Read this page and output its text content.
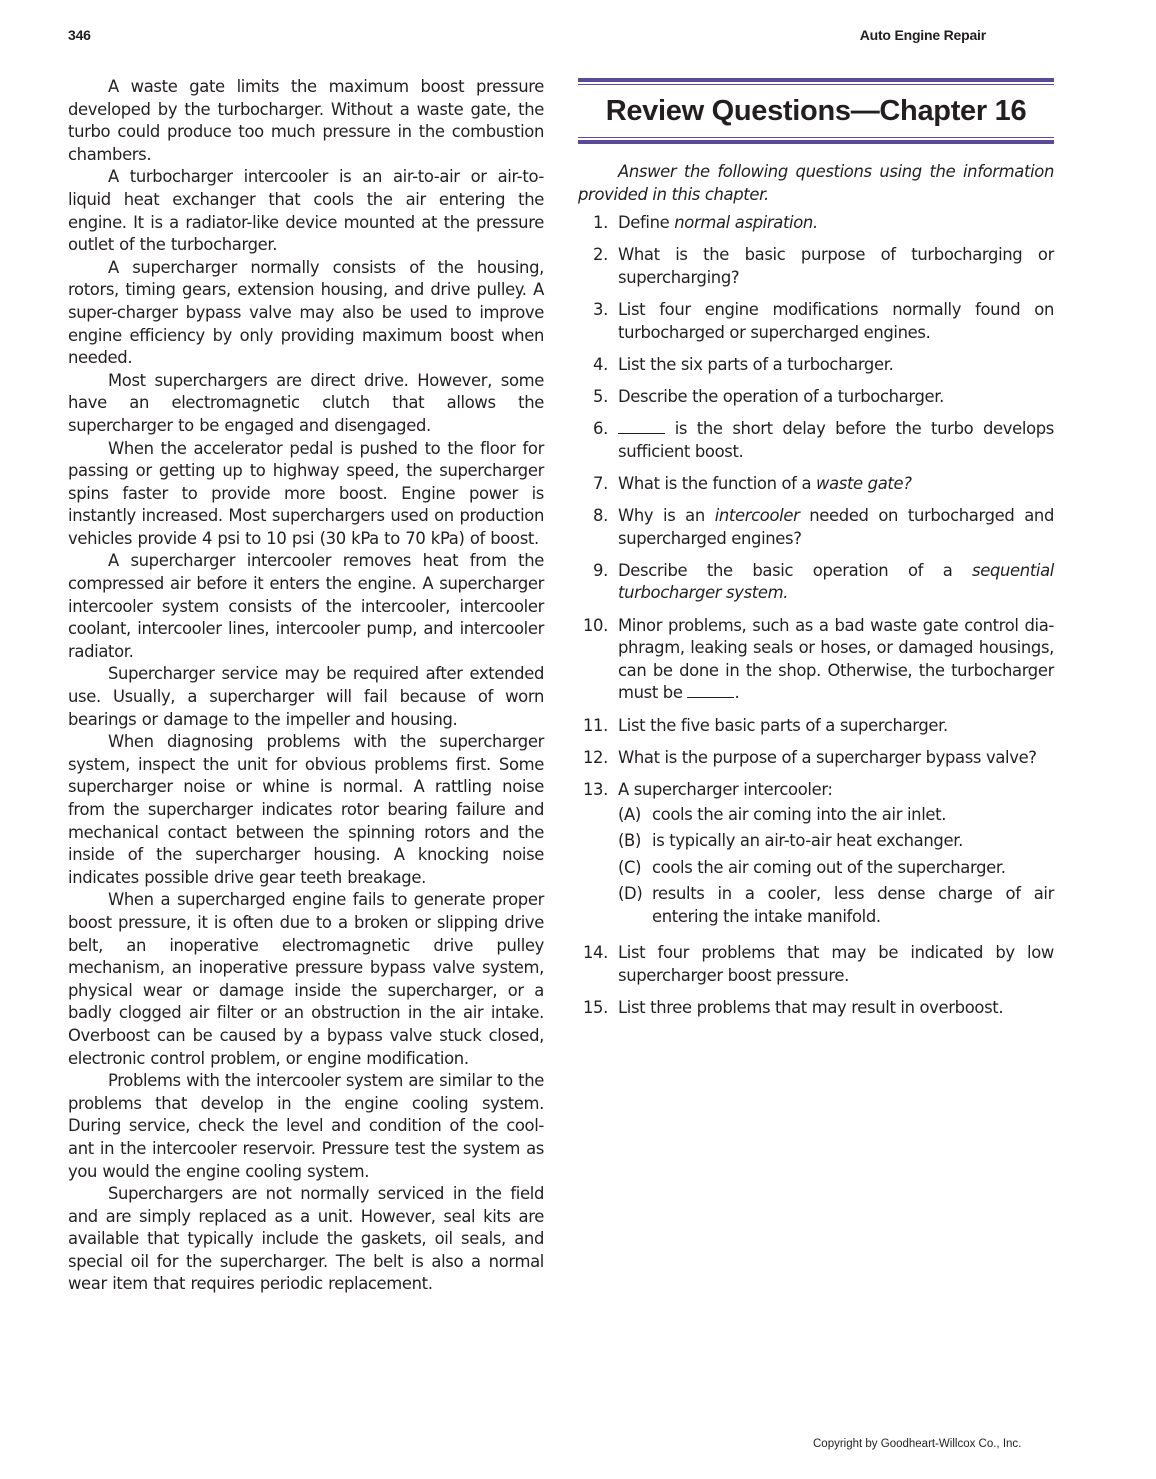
346	Auto Engine Repair

A waste gate limits the maximum boost pressure developed by the turbocharger. Without a waste gate, the turbo could produce too much pressure in the combustion chambers.

A turbocharger intercooler is an air-to-air or air-to-liquid heat exchanger that cools the air entering the engine. It is a radiator-like device mounted at the pressure outlet of the turbocharger.

A supercharger normally consists of the housing, rotors, timing gears, extension housing, and drive pulley. A super-charger bypass valve may also be used to improve engine efficiency by only providing maximum boost when needed.

Most superchargers are direct drive. However, some have an electromagnetic clutch that allows the supercharger to be engaged and disengaged.

When the accelerator pedal is pushed to the floor for passing or getting up to highway speed, the supercharger spins faster to provide more boost. Engine power is instantly increased. Most superchargers used on production vehicles provide 4 psi to 10 psi (30 kPa to 70 kPa) of boost.

A supercharger intercooler removes heat from the compressed air before it enters the engine. A supercharger intercooler system consists of the intercooler, intercooler coolant, intercooler lines, intercooler pump, and intercooler radiator.

Supercharger service may be required after extended use. Usually, a supercharger will fail because of worn bearings or damage to the impeller and housing.

When diagnosing problems with the supercharger system, inspect the unit for obvious problems first. Some supercharger noise or whine is normal. A rattling noise from the supercharger indicates rotor bearing failure and mechanical contact between the spinning rotors and the inside of the supercharger housing. A knocking noise indicates possible drive gear teeth breakage.

When a supercharged engine fails to generate proper boost pressure, it is often due to a broken or slipping drive belt, an inoperative electromagnetic drive pulley mechanism, an inoperative pressure bypass valve system, physical wear or damage inside the supercharger, or a badly clogged air filter or an obstruction in the air intake. Overboost can be caused by a bypass valve stuck closed, electronic control problem, or engine modification.

Problems with the intercooler system are similar to the problems that develop in the engine cooling system. During service, check the level and condition of the cool-ant in the intercooler reservoir. Pressure test the system as you would the engine cooling system.

Superchargers are not normally serviced in the field and are simply replaced as a unit. However, seal kits are available that typically include the gaskets, oil seals, and special oil for the supercharger. The belt is also a normal wear item that requires periodic replacement.

Review Questions—Chapter 16
Answer the following questions using the information provided in this chapter.
1. Define normal aspiration.
2. What is the basic purpose of turbocharging or supercharging?
3. List four engine modifications normally found on turbocharged or supercharged engines.
4. List the six parts of a turbocharger.
5. Describe the operation of a turbocharger.
6.	is the short delay before the turbo develops sufficient boost.
7. What is the function of a waste gate?
8. Why is an intercooler needed on turbocharged and supercharged engines?
9. Describe the basic operation of a sequential turbocharger system.
10. Minor problems, such as a bad waste gate control dia-phragm, leaking seals or hoses, or damaged housings, can be done in the shop. Otherwise, the turbocharger must be	.
11. List the five basic parts of a supercharger.
12. What is the purpose of a supercharger bypass valve?
13. A supercharger intercooler:
(A) cools the air coming into the air inlet.
(B) is typically an air-to-air heat exchanger.
(C) cools the air coming out of the supercharger.
(D) results in a cooler, less dense charge of air entering the intake manifold.
14. List four problems that may be indicated by low supercharger boost pressure.
15. List three problems that may result in overboost.
Copyright by Goodheart-Willcox Co., Inc.
